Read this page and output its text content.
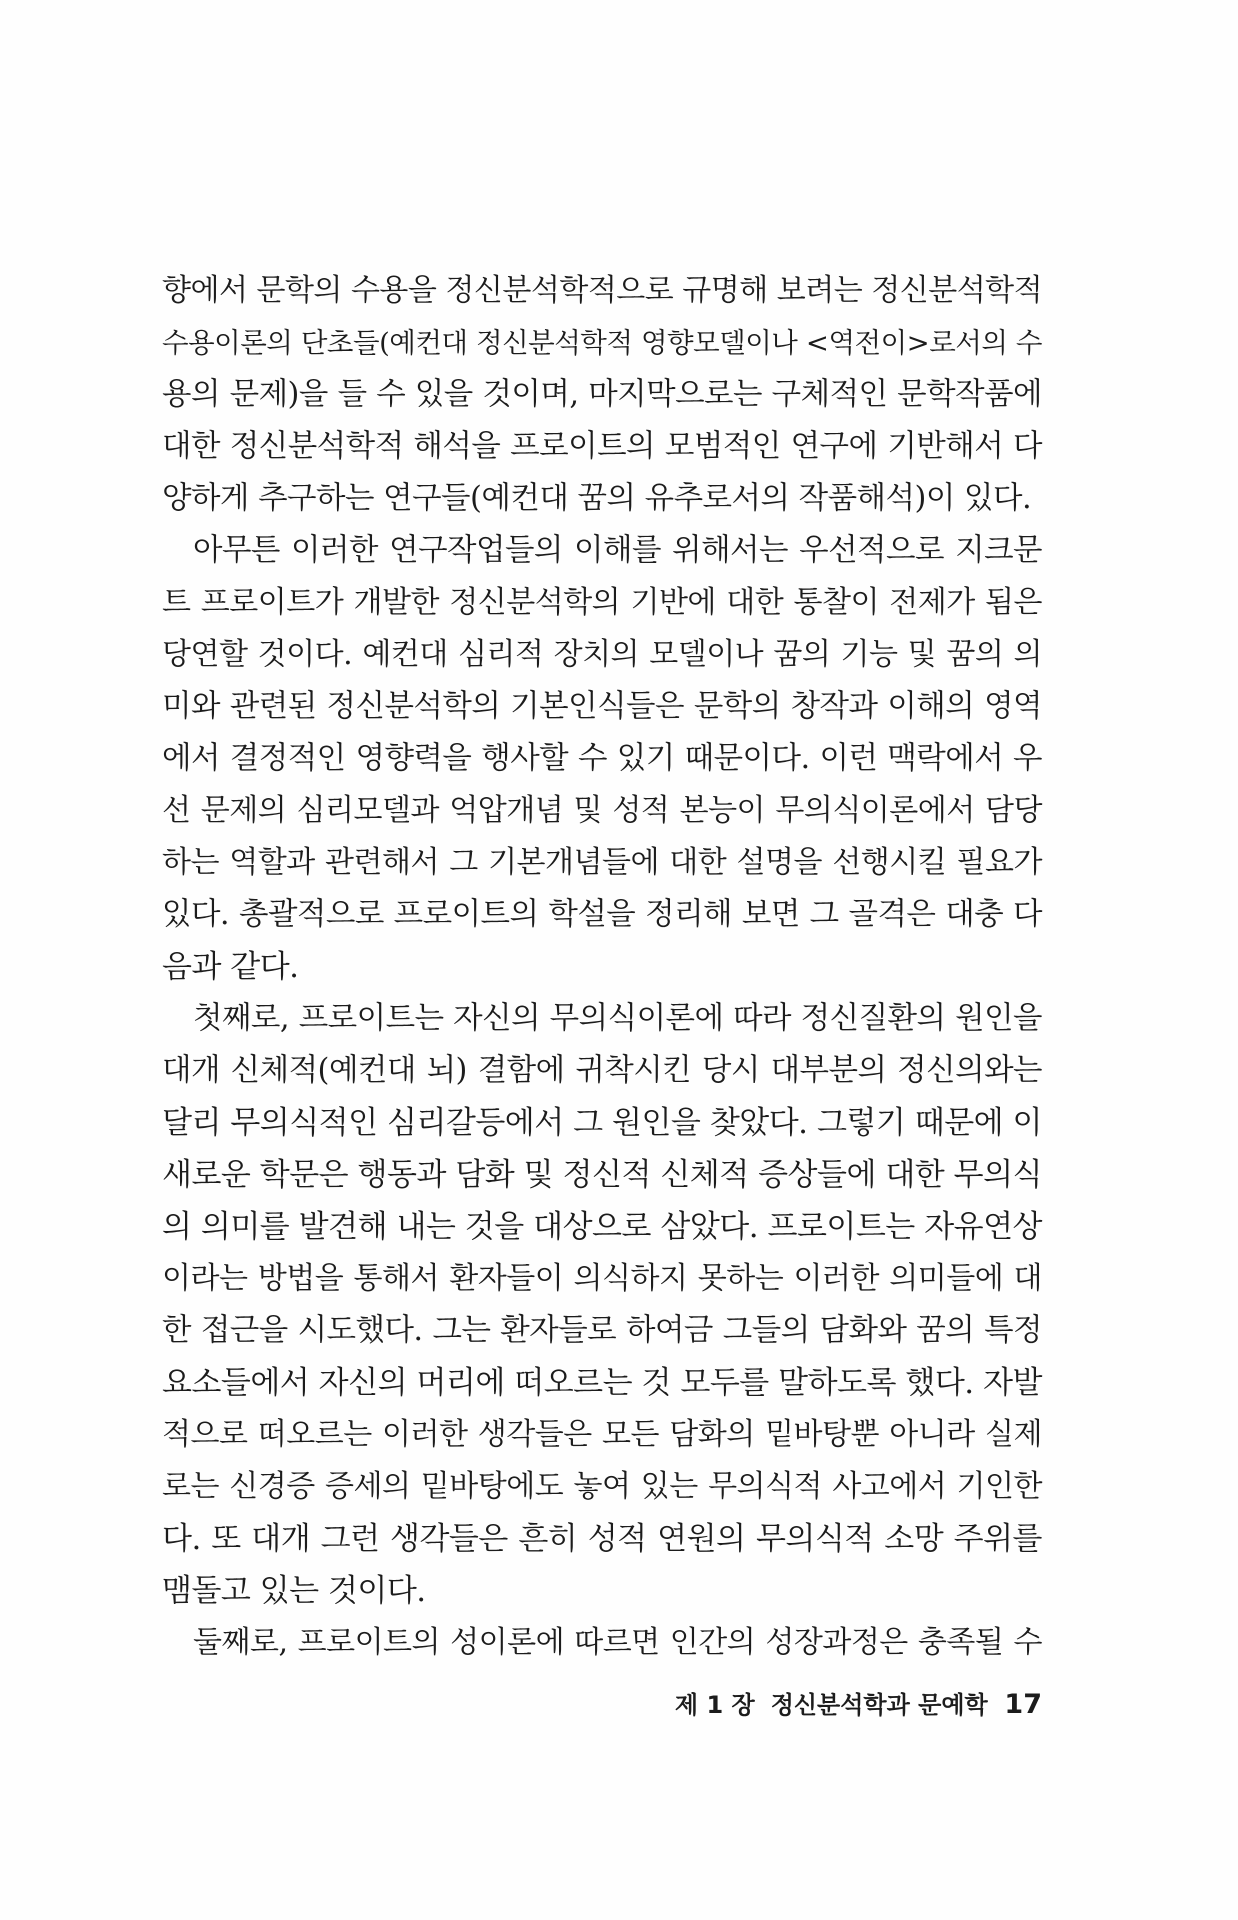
향에서 문학의 수용을 정신분석학적으로 규명해 보려는 정신분석학적
수용이론의 단초들(예컨대 정신분석학적 영향모델이나 <역전이>로서의 수
용의 문제)을 들 수 있을 것이며, 마지막으로는 구체적인 문학작품에
대한 정신분석학적 해석을 프로이트의 모범적인 연구에 기반해서 다
양하게 추구하는 연구들(예컨대 꿈의 유추로서의 작품해석)이 있다.
아무튼 이러한 연구작업들의 이해를 위해서는 우선적으로 지크문
트 프로이트가 개발한 정신분석학의 기반에 대한 통찰이 전제가 됨은
당연할 것이다. 예컨대 심리적 장치의 모델이나 꿈의 기능 및 꿈의 의
미와 관련된 정신분석학의 기본인식들은 문학의 창작과 이해의 영역
에서 결정적인 영향력을 행사할 수 있기 때문이다. 이런 맥락에서 우
선 문제의 심리모델과 억압개념 및 성적 본능이 무의식이론에서 담당
하는 역할과 관련해서 그 기본개념들에 대한 설명을 선행시킬 필요가
있다. 총괄적으로 프로이트의 학설을 정리해 보면 그 골격은 대충 다
음과 같다.
첫째로, 프로이트는 자신의 무의식이론에 따라 정신질환의 원인을
대개 신체적(예컨대 뇌) 결함에 귀착시킨 당시 대부분의 정신의와는
달리 무의식적인 심리갈등에서 그 원인을 찾았다. 그렇기 때문에 이
새로운 학문은 행동과 담화 및 정신적 신체적 증상들에 대한 무의식
의 의미를 발견해 내는 것을 대상으로 삼았다. 프로이트는 자유연상
이라는 방법을 통해서 환자들이 의식하지 못하는 이러한 의미들에 대
한 접근을 시도했다. 그는 환자들로 하여금 그들의 담화와 꿈의 특정
요소들에서 자신의 머리에 떠오르는 것 모두를 말하도록 했다. 자발
적으로 떠오르는 이러한 생각들은 모든 담화의 밑바탕뿐 아니라 실제
로는 신경증 증세의 밑바탕에도 놓여 있는 무의식적 사고에서 기인한
다. 또 대개 그런 생각들은 흔히 성적 연원의 무의식적 소망 주위를
맴돌고 있는 것이다.
둘째로, 프로이트의 성이론에 따르면 인간의 성장과정은 충족될 수
제 1 장 정신분석학과 문예학 17
